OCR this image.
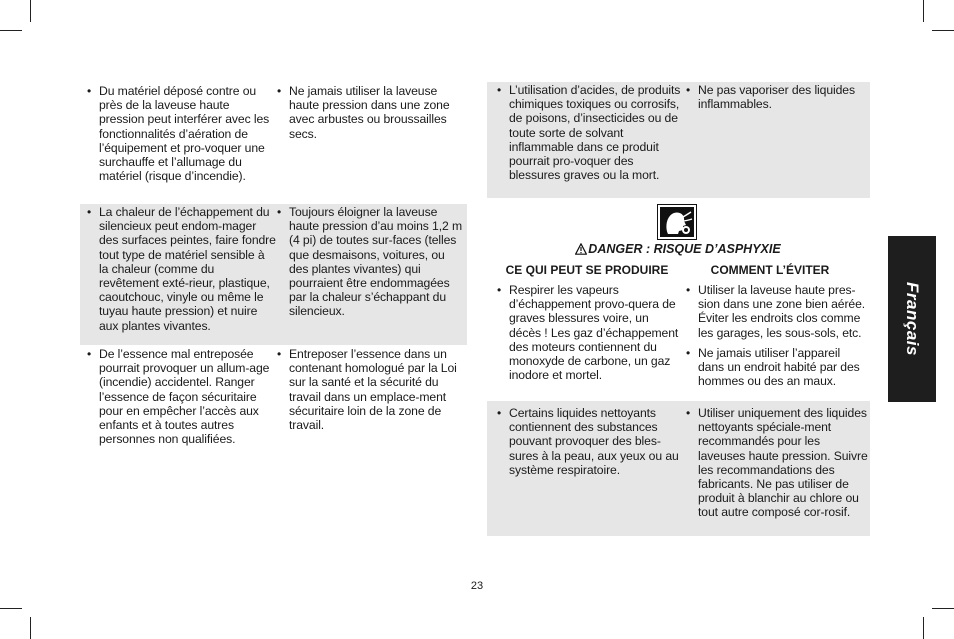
• Du matériel déposé contre ou près de la laveuse haute pression peut interférer avec les fonctionnalités d’aération de l’équipement et pro-voquer une surchauffe et l’allumage du matériel (risque d’incendie).
• Ne jamais utiliser la laveuse haute pression dans une zone avec arbustes ou broussailles secs.
• La chaleur de l’échappement du silencieux peut endom-mager des surfaces peintes, faire fondre tout type de matériel sensible à la chaleur (comme du revêtement exté-rieur, plastique, caoutchouc, vinyle ou même le tuyau haute pression) et nuire aux plantes vivantes.
• Toujours éloigner la laveuse haute pression d’au moins 1,2 m (4 pi) de toutes sur-faces (telles que desmaisons, voitures, ou des plantes vivantes) qui pourraient être endommagées par la chaleur s’échappant du silencieux.
• De l’essence mal entreposée pourrait provoquer un allum-age (incendie) accidentel. Ranger l’essence de façon sécuritaire pour en empêcher l’accès aux enfants et à toutes autres personnes non qualifiées.
• Entreposer l’essence dans un contenant homologué par la Loi sur la santé et la sécurité du travail dans un emplace-ment sécuritaire loin de la zone de travail.
• L’utilisation d’acides, de produits chimiques toxiques ou corrosifs, de poisons, d’insecticides ou de toute sorte de solvant inflammable dans ce produit pourrait pro-voquer des blessures graves ou la mort.
• Ne pas vaporiser des liquides inflammables.
DANGER : RISQUE D’ASPHYXIE
CE QUI PEUT SE PRODUIRE	COMMENT L’ÉVITER
• Respirer les vapeurs d’échappement provo-quera de graves blessures voire, un décès ! Les gaz d’échappement des moteurs contiennent du monoxyde de carbone, un gaz inodore et mortel.
• Utiliser la laveuse haute pres-sion dans une zone bien aérée. Éviter les endroits clos comme les garages, les sous-sols, etc.
• Ne jamais utiliser l’appareil dans un endroit habité par des hommes ou des an maux.
• Certains liquides nettoyants contiennent des substances pouvant provoquer des bles-sures à la peau, aux yeux ou au système respiratoire.
• Utiliser uniquement des liquides nettoyants spéciale-ment recommandés pour les laveuses haute pression. Suivre les recommandations des fabricants. Ne pas utiliser de produit à blanchir au chlore ou tout autre composé cor-rosif.
Français
23
